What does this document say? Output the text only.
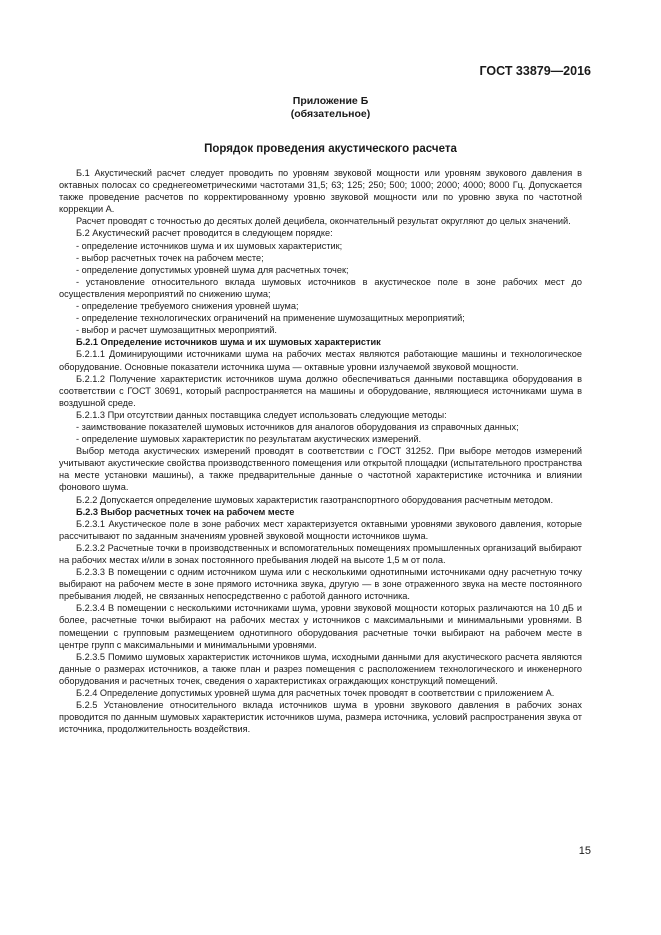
ГОСТ 33879—2016
Приложение Б
(обязательное)
Порядок проведения акустического расчета

Б.1 Акустический расчет следует проводить по уровням звуковой мощности или уровням звукового давления в октавных полосах со среднегеометрическими частотами 31,5; 63; 125; 250; 500; 1000; 2000; 4000; 8000 Гц. Допускается также проведение расчетов по корректированному уровню звуковой мощности или по уровню звука по частотной коррекции А.

Расчет проводят с точностью до десятых долей децибела, окончательный результат округляют до целых значений.

Б.2 Акустический расчет проводится в следующем порядке:

- определение источников шума и их шумовых характеристик;

- выбор расчетных точек на рабочем месте;

- определение допустимых уровней шума для расчетных точек;

- установление относительного вклада шумовых источников в акустическое поле в зоне рабочих мест до осуществления мероприятий по снижению шума;

- определение требуемого снижения уровней шума;

- определение технологических ограничений на применение шумозащитных мероприятий;

- выбор и расчет шумозащитных мероприятий.

Б.2.1 Определение источников шума и их шумовых характеристик

Б.2.1.1 Доминирующими источниками шума на рабочих местах являются работающие машины и технологическое оборудование. Основные показатели источника шума — октавные уровни излучаемой звуковой мощности.

Б.2.1.2 Получение характеристик источников шума должно обеспечиваться данными поставщика оборудования в соответствии с ГОСТ 30691, который распространяется на машины и оборудование, являющиеся источниками шума в воздушной среде.

Б.2.1.3 При отсутствии данных поставщика следует использовать следующие методы:

- заимствование показателей шумовых источников для аналогов оборудования из справочных данных;

- определение шумовых характеристик по результатам акустических измерений.

Выбор метода акустических измерений проводят в соответствии с ГОСТ 31252. При выборе методов измерений учитывают акустические свойства производственного помещения или открытой площадки (испытательного пространства на месте установки машины), а также предварительные данные о частотной характеристике источника и влиянии фонового шума.

Б.2.2 Допускается определение шумовых характеристик газотранспортного оборудования расчетным методом.

Б.2.3 Выбор расчетных точек на рабочем месте

Б.2.3.1 Акустическое поле в зоне рабочих мест характеризуется октавными уровнями звукового давления, которые рассчитывают по заданным значениям уровней звуковой мощности источников шума.

Б.2.3.2 Расчетные точки в производственных и вспомогательных помещениях промышленных организаций выбирают на рабочих местах и/или в зонах постоянного пребывания людей на высоте 1,5 м от пола.

Б.2.3.3 В помещении с одним источником шума или с несколькими однотипными источниками одну расчетную точку выбирают на рабочем месте в зоне прямого источника звука, другую — в зоне отраженного звука на месте постоянного пребывания людей, не связанных непосредственно с работой данного источника.

Б.2.3.4 В помещении с несколькими источниками шума, уровни звуковой мощности которых различаются на 10 дБ и более, расчетные точки выбирают на рабочих местах у источников с максимальными и минимальными уровнями. В помещении с групповым размещением однотипного оборудования расчетные точки выбирают на рабочем месте в центре групп с максимальными и минимальными уровнями.

Б.2.3.5 Помимо шумовых характеристик источников шума, исходными данными для акустического расчета являются данные о размерах источников, а также план и разрез помещения с расположением технологического и инженерного оборудования и расчетных точек, сведения о характеристиках ограждающих конструкций помещений.

Б.2.4 Определение допустимых уровней шума для расчетных точек проводят в соответствии с приложением А.

Б.2.5 Установление относительного вклада источников шума в уровни звукового давления в рабочих зонах проводится по данным шумовых характеристик источников шума, размера источника, условий распространения звука от источника, продолжительность воздействия.

15
